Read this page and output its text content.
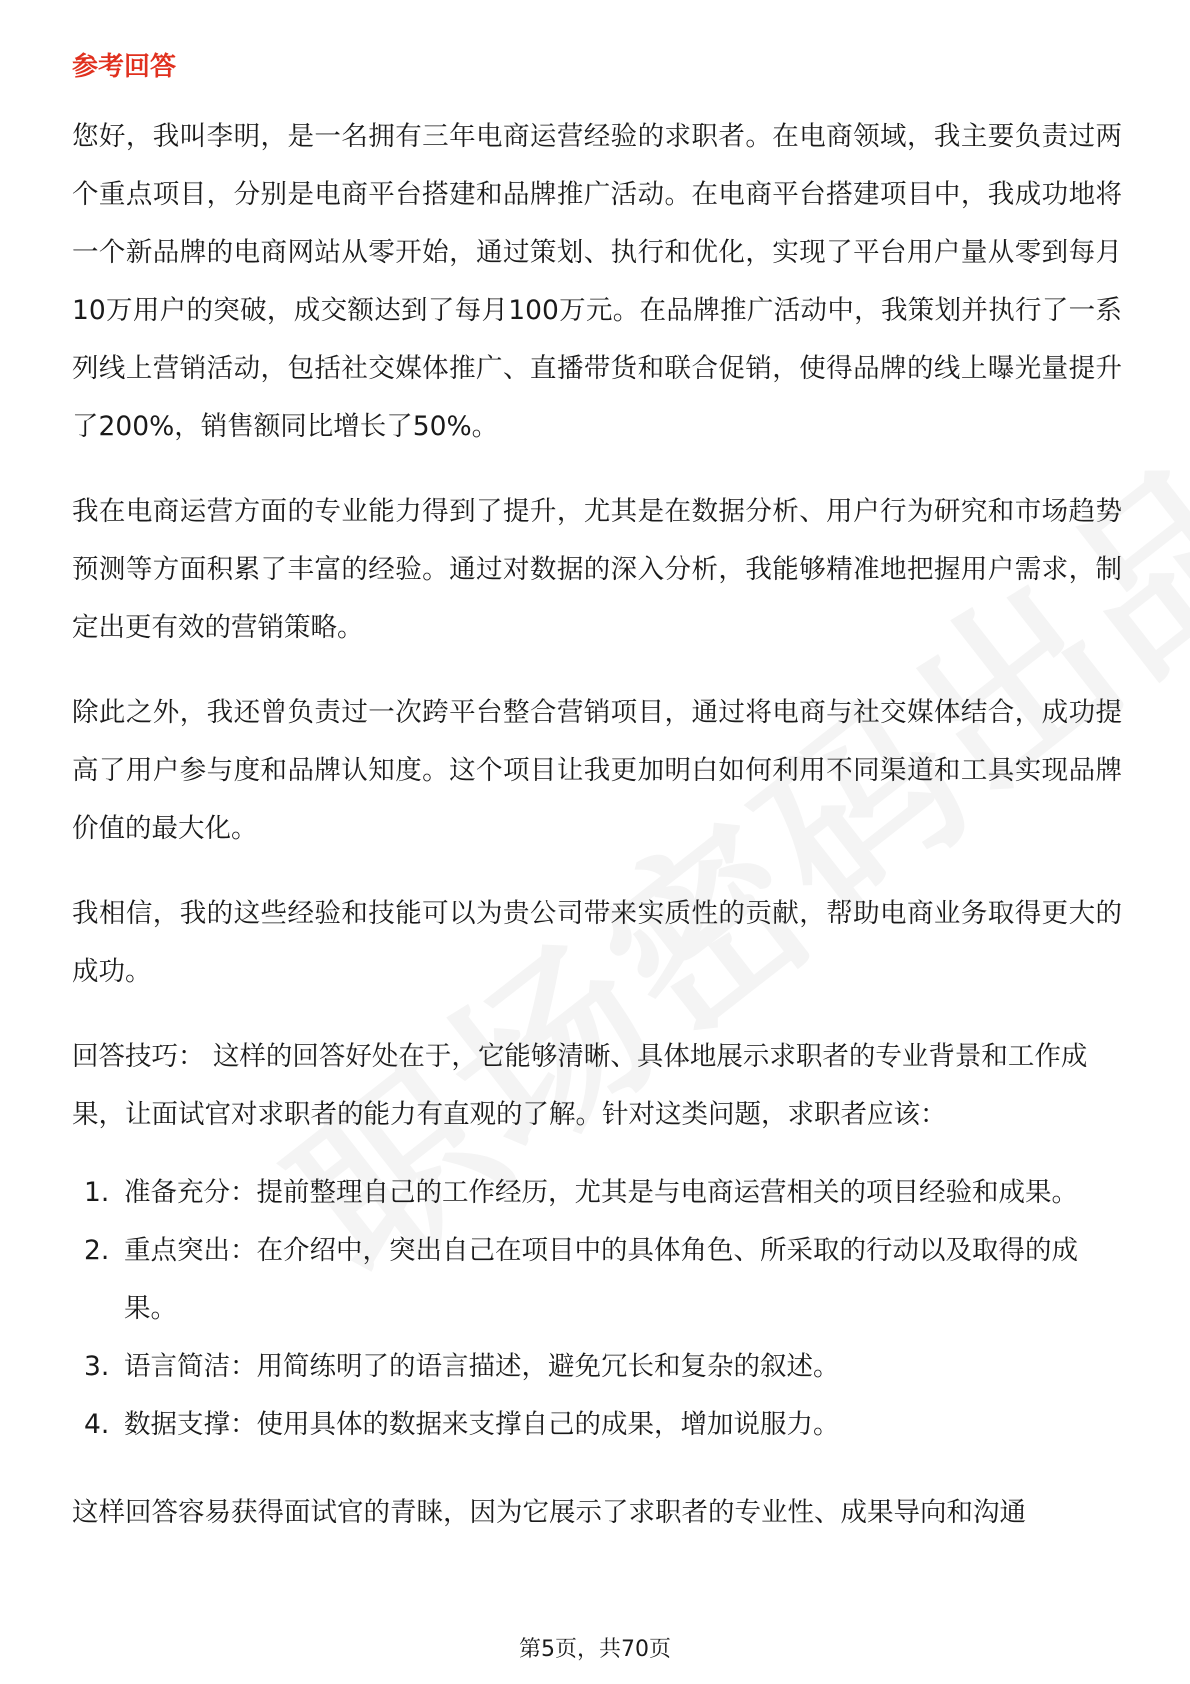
参考回答

您好，我叫李明，是一名拥有三年电商运营经验的求职者。在电商领域，我主要负责过两个重点项目，分别是电商平台搭建和品牌推广活动。在电商平台搭建项目中，我成功地将一个新品牌的电商网站从零开始，通过策划、执行和优化，实现了平台用户量从零到每月10万用户的突破，成交额达到了每月100万元。在品牌推广活动中，我策划并执行了一系列线上营销活动，包括社交媒体推广、直播带货和联合促销，使得品牌的线上曝光量提升了200%，销售额同比增长了50%。

我在电商运营方面的专业能力得到了提升，尤其是在数据分析、用户行为研究和市场趋势预测等方面积累了丰富的经验。通过对数据的深入分析，我能够精准地把握用户需求，制定出更有效的营销策略。

除此之外，我还曾负责过一次跨平台整合营销项目，通过将电商与社交媒体结合，成功提高了用户参与度和品牌认知度。这个项目让我更加明白如何利用不同渠道和工具实现品牌价值的最大化。

我相信，我的这些经验和技能可以为贵公司带来实质性的贡献，帮助电商业务取得更大的成功。

回答技巧： 这样的回答好处在于，它能够清晰、具体地展示求职者的专业背景和工作成果，让面试官对求职者的能力有直观的了解。针对这类问题，求职者应该：

1. 准备充分：提前整理自己的工作经历，尤其是与电商运营相关的项目经验和成果。
2. 重点突出：在介绍中，突出自己在项目中的具体角色、所采取的行动以及取得的成果。
3. 语言简洁：用简练明了的语言描述，避免冗长和复杂的叙述。
4. 数据支撑：使用具体的数据来支撑自己的成果，增加说服力。

这样回答容易获得面试官的青睐，因为它展示了求职者的专业性、成果导向和沟通

第5页，共70页
